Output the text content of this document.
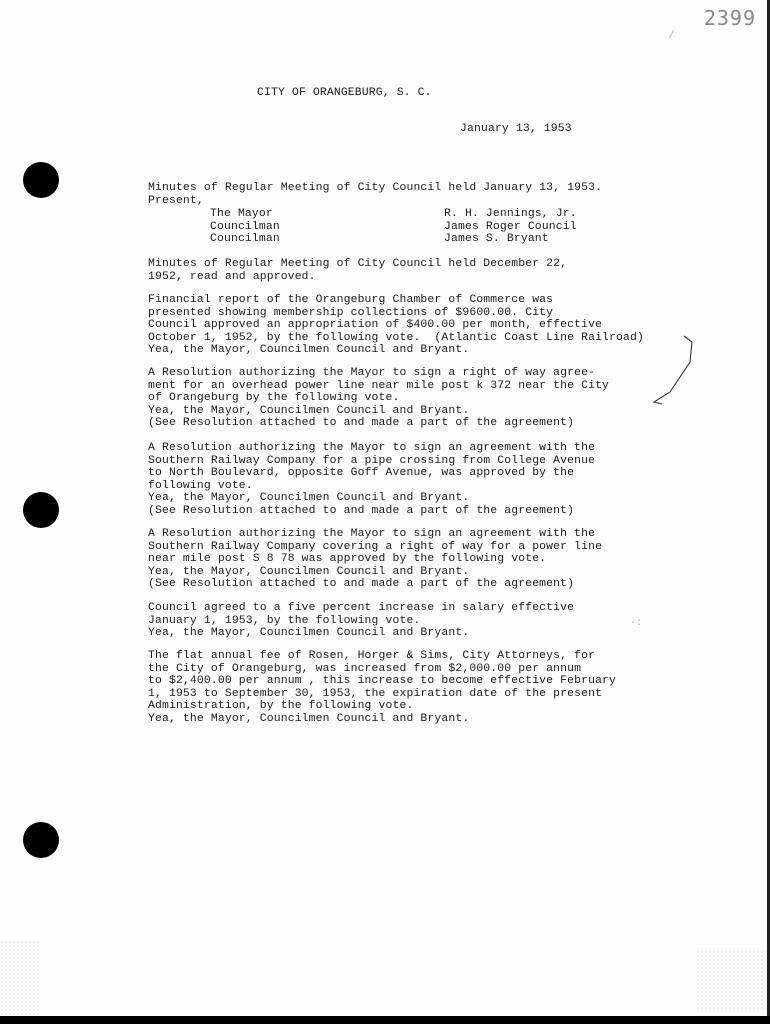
2399
⁄
CITY OF ORANGEBURG, S. C.
January 13, 1953
Minutes of Regular Meeting of City Council held January 13, 1953.
Present,
The Mayor
Councilman
Councilman
R. H. Jennings, Jr.
James Roger Council
James S. Bryant
Minutes of Regular Meeting of City Council held December 22,
1952, read and approved.
Financial report of the Orangeburg Chamber of Commerce was
presented showing membership collections of $9600.00. City
Council approved an appropriation of $400.00 per month, effective
October 1, 1952, by the following vote.  (Atlantic Coast Line Railroad)
Yea, the Mayor, Councilmen Council and Bryant.
A Resolution authorizing the Mayor to sign a right of way agree-
ment for an overhead power line near mile post k 372 near the City
of Orangeburg by the following vote.
Yea, the Mayor, Councilmen Council and Bryant.
(See Resolution attached to and made a part of the agreement)
A Resolution authorizing the Mayor to sign an agreement with the
Southern Railway Company for a pipe crossing from College Avenue
to North Boulevard, opposite Goff Avenue, was approved by the
following vote.
Yea, the Mayor, Councilmen Council and Bryant.
(See Resolution attached to and made a part of the agreement)
A Resolution authorizing the Mayor to sign an agreement with the
Southern Railway Company covering a right of way for a power line
near mile post S 8 78 was approved by the following vote.
Yea, the Mayor, Councilmen Council and Bryant.
(See Resolution attached to and made a part of the agreement)
Council agreed to a five percent increase in salary effective
January 1, 1953, by the following vote.
Yea, the Mayor, Councilmen Council and Bryant.
The flat annual fee of Rosen, Horger & Sims, City Attorneys, for
the City of Orangeburg, was increased from $2,000.00 per annum
to $2,400.00 per annum , this increase to become effective February
1, 1953 to September 30, 1953, the expiration date of the present
Administration, by the following vote.
Yea, the Mayor, Councilmen Council and Bryant.
·:
